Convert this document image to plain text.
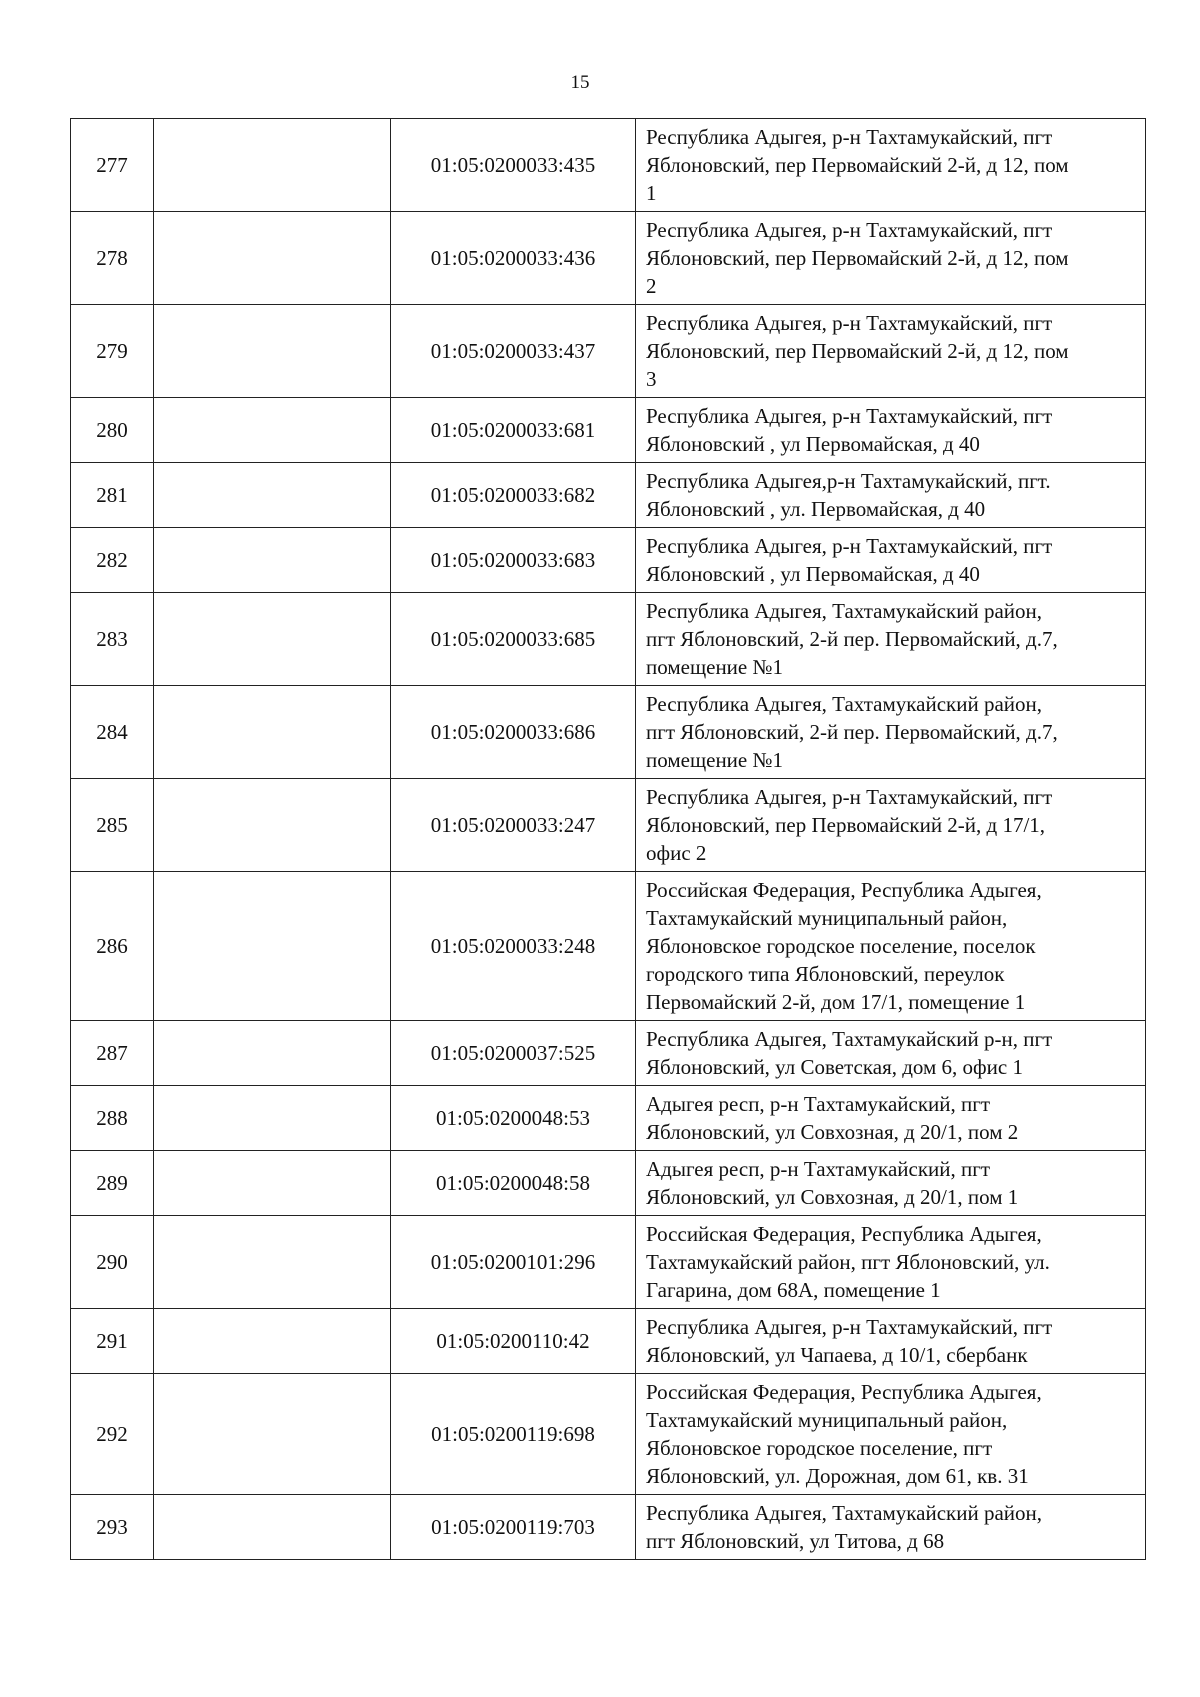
15
277		01:05:0200033:435	Республика Адыгея, р-н Тахтамукайский, пгт
Яблоновский, пер Первомайский 2-й, д 12, пом
1

278		01:05:0200033:436	Республика Адыгея, р-н Тахтамукайский, пгт
Яблоновский, пер Первомайский 2-й, д 12, пом
2

279		01:05:0200033:437	Республика Адыгея, р-н Тахтамукайский, пгт
Яблоновский, пер Первомайский 2-й, д 12, пом
3

280		01:05:0200033:681	Республика Адыгея, р-н Тахтамукайский, пгт
Яблоновский , ул Первомайская, д 40

281		01:05:0200033:682	Республика Адыгея,р-н Тахтамукайский, пгт.
Яблоновский , ул. Первомайская, д 40

282		01:05:0200033:683	Республика Адыгея, р-н Тахтамукайский, пгт
Яблоновский , ул Первомайская, д 40

283		01:05:0200033:685	Республика Адыгея, Тахтамукайский район,
пгт Яблоновский, 2-й пер. Первомайский, д.7,
помещение №1

284		01:05:0200033:686	Республика Адыгея, Тахтамукайский район,
пгт Яблоновский, 2-й пер. Первомайский, д.7,
помещение №1

285		01:05:0200033:247	Республика Адыгея, р-н Тахтамукайский, пгт
Яблоновский, пер Первомайский 2-й, д 17/1,
офис 2

286		01:05:0200033:248	Российская Федерация, Республика Адыгея,
Тахтамукайский муниципальный район,
Яблоновское городское поселение, поселок
городского типа Яблоновский, переулок
Первомайский 2-й, дом 17/1, помещение 1

287		01:05:0200037:525	Республика Адыгея, Тахтамукайский р-н, пгт
Яблоновский, ул Советская, дом 6, офис 1

288		01:05:0200048:53	Адыгея респ, р-н Тахтамукайский, пгт
Яблоновский, ул Совхозная, д 20/1, пом 2

289		01:05:0200048:58	Адыгея респ, р-н Тахтамукайский, пгт
Яблоновский, ул Совхозная, д 20/1, пом 1

290		01:05:0200101:296	Российская Федерация, Республика Адыгея,
Тахтамукайский район, пгт Яблоновский, ул.
Гагарина, дом 68А, помещение 1

291		01:05:0200110:42	Республика Адыгея, р-н Тахтамукайский, пгт
Яблоновский, ул Чапаева, д 10/1, сбербанк

292		01:05:0200119:698	Российская Федерация, Республика Адыгея,
Тахтамукайский муниципальный район,
Яблоновское городское поселение, пгт
Яблоновский, ул. Дорожная, дом 61, кв. 31

293		01:05:0200119:703	Республика Адыгея, Тахтамукайский район,
пгт Яблоновский, ул Титова, д 68
